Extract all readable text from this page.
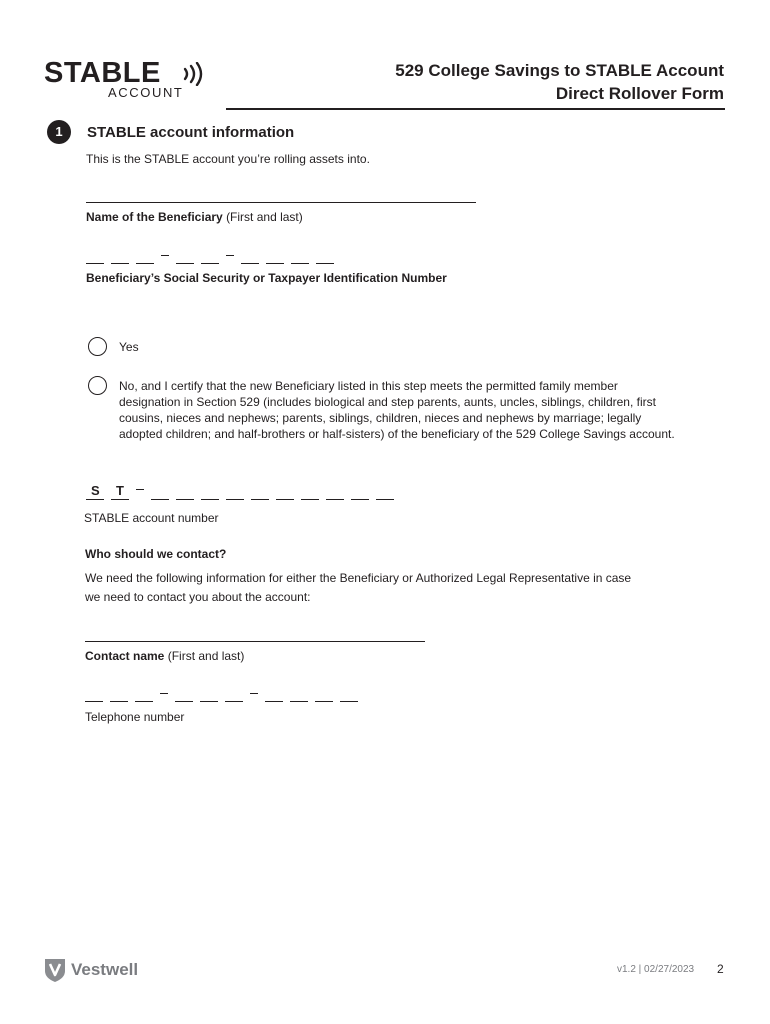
STABLE
ACCOUNT
529 College Savings to STABLE Account
Direct Rollover Form
1	STABLE account information
This is the STABLE account you’re rolling assets into.
Name of the Beneficiary (First and last)
Beneficiary’s Social Security or Taxpayer Identification Number
Yes
No, and I certify that the new Beneficiary listed in this step meets the permitted family member designation in Section 529 (includes biological and step parents, aunts, uncles, siblings, children, first cousins, nieces and nephews; parents, siblings, children, nieces and nephews by marriage; legally adopted children; and half-brothers or half-sisters) of the beneficiary of the 529 College Savings account.
S T
STABLE account number
Who should we contact?
We need the following information for either the Beneficiary or Authorized Legal Representative in case
we need to contact you about the account:
Contact name (First and last)
Telephone number
Vestwell	v1.2 | 02/27/2023 2
